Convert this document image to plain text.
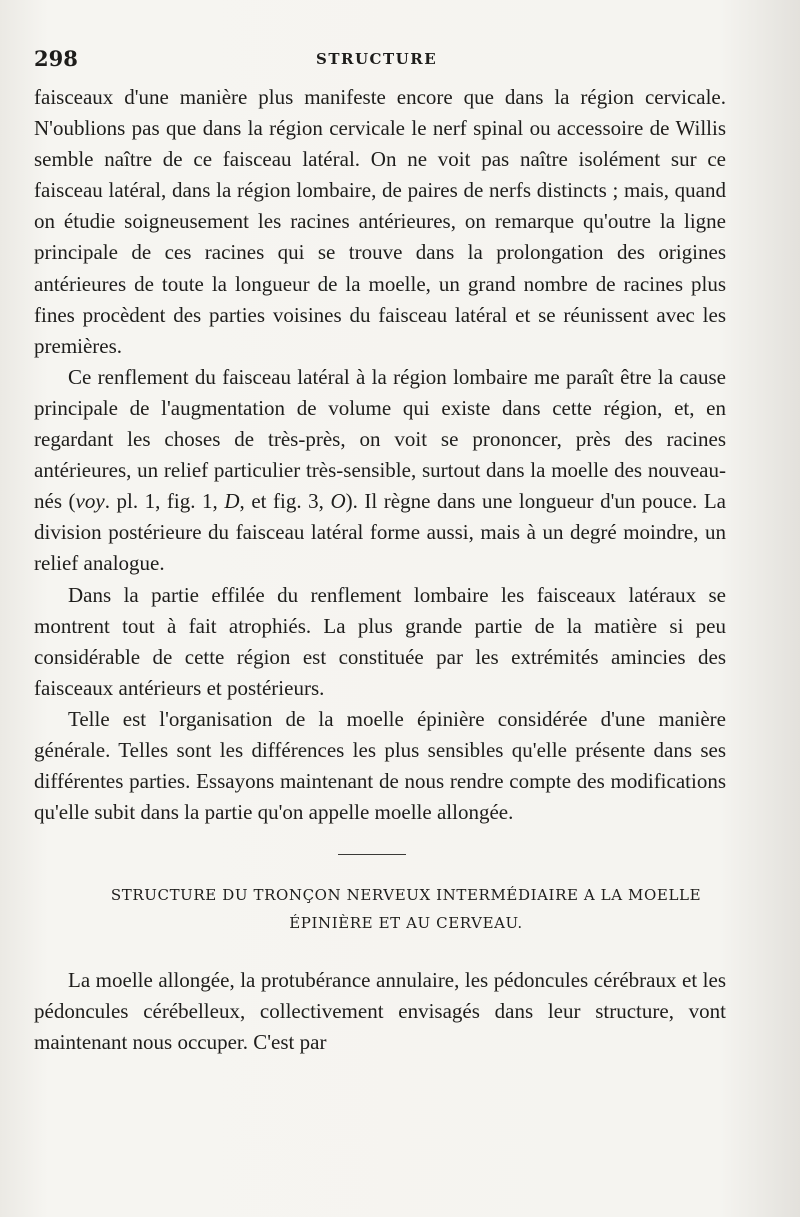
298	STRUCTURE

faisceaux d'une manière plus manifeste encore que dans la région cervicale. N'oublions pas que dans la région cervicale le nerf spinal ou accessoire de Willis semble naître de ce faisceau latéral. On ne voit pas naître isolément sur ce faisceau latéral, dans la région lombaire, de paires de nerfs distincts ; mais, quand on étudie soigneusement les racines antérieures, on remarque qu'outre la ligne principale de ces racines qui se trouve dans la prolongation des origines antérieures de toute la longueur de la moelle, un grand nombre de racines plus fines procèdent des parties voisines du faisceau latéral et se réunissent avec les premières.

Ce renflement du faisceau latéral à la région lombaire me paraît être la cause principale de l'augmentation de volume qui existe dans cette région, et, en regardant les choses de très-près, on voit se prononcer, près des racines antérieures, un relief particulier très-sensible, surtout dans la moelle des nouveau-nés (voy. pl. 1, fig. 1, D, et fig. 3, O). Il règne dans une longueur d'un pouce. La division postérieure du faisceau latéral forme aussi, mais à un degré moindre, un relief analogue.

Dans la partie effilée du renflement lombaire les faisceaux latéraux se montrent tout à fait atrophiés. La plus grande partie de la matière si peu considérable de cette région est constituée par les extrémités amincies des faisceaux antérieurs et postérieurs.

Telle est l'organisation de la moelle épinière considérée d'une manière générale. Telles sont les différences les plus sensibles qu'elle présente dans ses différentes parties. Essayons maintenant de nous rendre compte des modifications qu'elle subit dans la partie qu'on appelle moelle allongée.

STRUCTURE DU TRONÇON NERVEUX INTERMÉDIAIRE A LA MOELLE
ÉPINIÈRE ET AU CERVEAU.

La moelle allongée, la protubérance annulaire, les pédoncules cérébraux et les pédoncules cérébelleux, collectivement envisagés dans leur structure, vont maintenant nous occuper. C'est par
